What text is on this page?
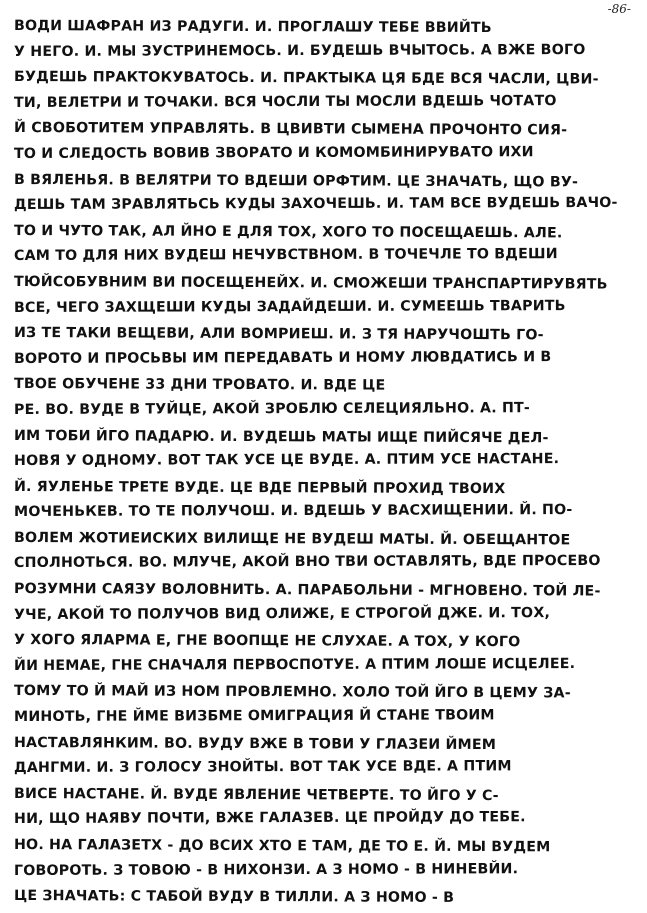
-86-
ВОДИ ШАФРАН ИЗ РАДУГИ. И. ПРОГЛАШУ ТЕБЕ ВВИЙТЬ
У НЕГО. И. МЫ ЗУСТРИНЕМОСЬ. И. БУДЕШЬ ВЧЫТОСЬ. А ВЖЕ ВОГО
БУДЕШЬ ПРАКТОКУВАТОСЬ. И. ПРАКТЫКА ЦЯ БДЕ ВСЯ ЧАСЛИ, ЦВИ-
ТИ, ВЕЛЕТРИ И ТОЧАКИ. ВСЯ ЧОСЛИ ТЫ МОСЛИ ВДЕШЬ ЧОТАТО
Й СВОБОТИТЕМ УПРАВЛЯТЬ. В ЦВИВТИ СЫМЕНА ПРОЧОНТО СИЯ-
ТО И СЛЕДОСТЬ ВОВИВ ЗВОРАТО И КОМОМБИНИРУВАТО ИХИ
В ВЯЛЕНЬЯ. В ВЕЛЯТРИ ТО ВДЕШИ ОРФТИМ. ЦЕ ЗНАЧАТЬ, ЩО ВУ-
ДЕШЬ ТАМ ЗРАВЛЯТЬСЬ КУДЫ ЗАХОЧЕШЬ. И. ТАМ ВСЕ ВУДЕШЬ ВАЧО-
ТО И ЧУТО ТАК, АЛ ЙНО Е ДЛЯ ТОХ, ХОГО ТО ПОСЕЩАЕШЬ. АЛЕ.
САМ ТО ДЛЯ НИХ ВУДЕШ НЕЧУВСТВНОМ. В ТОЧЕЧЛЕ ТО ВДЕШИ
ТЮЙСОБУВНИМ ВИ ПОСЕЩЕНЕЙХ. И. СМОЖЕШИ ТРАНСПАРТИРУВЯТЬ
ВСЕ, ЧЕГО ЗАХЩЕШИ КУДЫ ЗАДАЙДЕШИ. И. СУМЕЕШЬ ТВАРИТЬ
ИЗ ТЕ ТАКИ ВЕЩЕВИ, АЛИ ВОМРИЕШ. И. З ТЯ НАРУЧОШТЬ ГО-
ВОРОТО И ПРОСЬВЫ ИМ ПЕРЕДАВАТЬ И НОМУ ЛЮВДАТИСЬ И В
ТВОЕ ОБУЧЕНЕ 33 ДНИ ТРОВАТО. И. ВДЕ ЦЕ
РЕ. ВО. ВУДЕ В ТУЙЦЕ, АКОЙ ЗРОБЛЮ СЕЛЕЦИЯЛЬНО. А. ПТ-
ИМ ТОБИ ЙГО ПАДАРЮ. И. ВУДЕШЬ МАТЫ ИЩЕ ПИЙСЯЧЕ ДЕЛ-
НОВЯ У ОДНОМУ. ВОТ ТАК УСЕ ЦЕ ВУДЕ. А. ПТИМ УСЕ НАСТАНЕ.
Й. ЯУЛЕНЬЕ ТРЕТЕ ВУДЕ. ЦЕ ВДЕ ПЕРВЫЙ ПРОХИД ТВОИХ
МОЧЕНЬКЕВ. ТО ТЕ ПОЛУЧОШ. И. ВДЕШЬ У ВАСХИЩЕНИИ. Й. ПО-
ВОЛЕМ ЖОТИЕИСКИХ ВИЛИЩЕ НЕ ВУДЕШ МАТЫ. Й. ОБЕЩАНТОЕ
СПОЛНОТЬСЯ. ВО. МЛУЧЕ, АКОЙ ВНО ТВИ ОСТАВЛЯТЬ, ВДЕ ПРОСЕВО
РОЗУМНИ САЯЗУ ВОЛОВНИТЬ. А. ПАРАБОЛЬНИ - МГНОВЕНО. ТОЙ ЛЕ-
УЧЕ, АКОЙ ТО ПОЛУЧОВ ВИД ОЛИЖЕ, Е СТРОГОЙ ДЖЕ. И. ТОХ,
У ХОГО ЯЛАРМА Е, ГНЕ ВООПЩЕ НЕ СЛУХАЕ. А ТОХ, У КОГО
ЙИ НЕМАЕ, ГНЕ СНАЧАЛЯ ПЕРВОСПОТУЕ. А ПТИМ ЛОШЕ ИСЦЕЛЕЕ.
ТОМУ ТО Й МАЙ ИЗ НОМ ПРОВЛЕМНО. ХОЛО ТОЙ ЙГО В ЦЕМУ ЗА-
МИНОТЬ, ГНЕ ЙМЕ ВИЗБМЕ ОМИГРАЦИЯ Й СТАНЕ ТВОИМ
НАСТАВЛЯНКИМ. ВО. ВУДУ ВЖЕ В ТОВИ У ГЛАЗЕИ ЙМЕМ
ДАНГМИ. И. З ГОЛОСУ ЗНОЙТЫ. ВОТ ТАК УСЕ ВДЕ. А ПТИМ
ВИСЕ НАСТАНЕ. Й. ВУДЕ ЯВЛЕНИЕ ЧЕТВЕРТЕ. ТО ЙГО У С-
НИ, ЩО НАЯВУ ПОЧТИ, ВЖЕ ГАЛАЗЕВ. ЦЕ ПРОЙДУ ДО ТЕБЕ.
НО. НА ГАЛАЗЕТХ - ДО ВСИХ ХТО Е ТАМ, ДЕ ТО Е. Й. МЫ ВУДЕМ
ГОВОРОТЬ. З ТОВОЮ - В НИХОНЗИ. А З НОМО - В НИНЕВЙИ.
ЦЕ ЗНАЧАТЬ: С ТАБОЙ ВУДУ В ТИЛЛИ. А З НОМО - В
